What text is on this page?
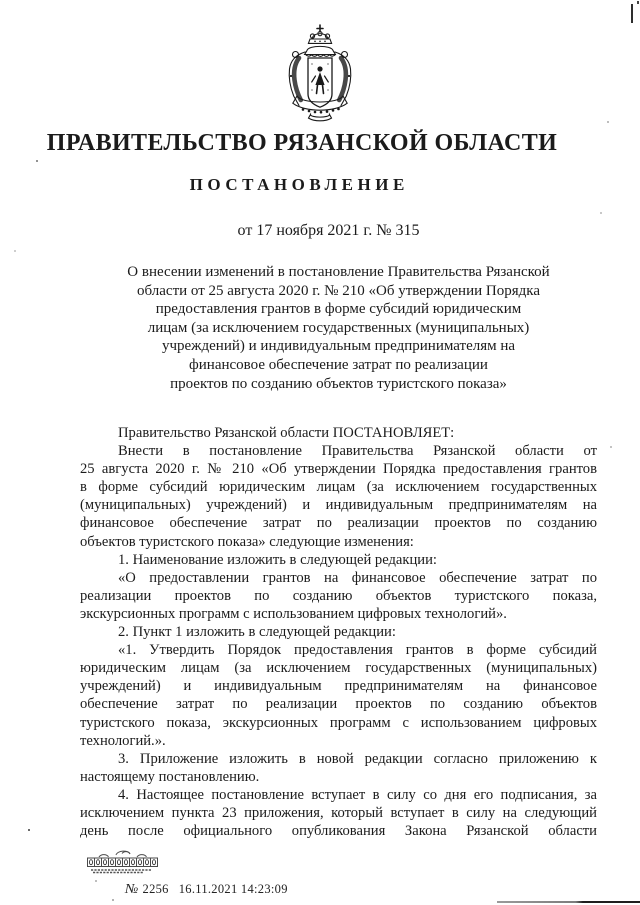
ПРАВИТЕЛЬСТВО РЯЗАНСКОЙ ОБЛАСТИ
ПОСТАНОВЛЕНИЕ
от 17 ноября 2021 г. № 315
О внесении изменений в постановление Правительства Рязанской
области от 25 августа 2020 г. № 210 «Об утверждении Порядка
предоставления грантов в форме субсидий юридическим
лицам (за исключением государственных (муниципальных)
учреждений) и индивидуальным предпринимателям на
финансовое обеспечение затрат по реализации
проектов по созданию объектов туристского показа»
Правительство Рязанской области ПОСТАНОВЛЯЕТ:
Внести в постановление Правительства Рязанской области от
25 августа 2020 г. № 210 «Об утверждении Порядка предоставления грантов
в форме субсидий юридическим лицам (за исключением государственных
(муниципальных) учреждений) и индивидуальным предпринимателям на
финансовое обеспечение затрат по реализации проектов по созданию
объектов туристского показа» следующие изменения:
1. Наименование изложить в следующей редакции:
«О предоставлении грантов на финансовое обеспечение затрат по
реализации проектов по созданию объектов туристского показа,
экскурсионных программ с использованием цифровых технологий».
2. Пункт 1 изложить в следующей редакции:
«1. Утвердить Порядок предоставления грантов в форме субсидий
юридическим лицам (за исключением государственных (муниципальных)
учреждений) и индивидуальным предпринимателям на финансовое
обеспечение затрат по реализации проектов по созданию объектов
туристского показа, экскурсионных программ с использованием цифровых
технологий.».
3. Приложение изложить в новой редакции согласно приложению к
настоящему постановлению.
4. Настоящее постановление вступает в силу со дня его подписания, за
исключением пункта 23 приложения, который вступает в силу на следующий
день после официального опубликования Закона Рязанской области
№ 2256 16.11.2021 14:23:09
